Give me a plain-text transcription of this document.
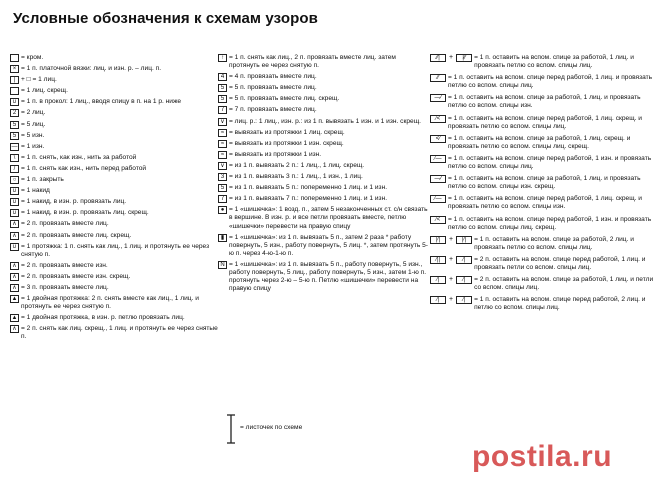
Условные обозначения к схемам узоров
= кром.
× = 1 п. платочной вязки: лиц. и изн. р. – лиц. п.
| + □ = 1 лиц.
⌒ = 1 лиц. скрещ.
∪ = 1 п. в прокол: 1 лиц., вводя спицу в п. на 1 р. ниже
2 = 2 лиц.
5 = 5 лиц.
5 = 5 изн.
— = 1 изн.
\ = 1 п. снять, как изн., нить за работой
/ = 1 п. снять как изн., нить перед работой
○ = 1 п. закрыть
∪ = 1 накид
∪ = 1 накид, в изн. р. провязать лиц.
∪ = 1 накид, в изн. р. провязать лиц. скрещ.
∧ = 2 п. провязать вместе лиц.
∧ = 2 п. провязать вместе лиц. скрещ.
∪ = 1 протяжка: 1 п. снять как лиц., 1 лиц. и протянуть ее через снятую п.
∧ = 2 п. провязать вместе изн.
∧ = 2 п. провязать вместе изн. скрещ.
∧ = 3 п. провязать вместе лиц.
▲ = 1 двойная протяжка: 2 п. снять вместе как лиц., 1 лиц. и протянуть ее через снятую п.
▲ = 1 двойная протяжка, в изн. р. петлю провязать лиц.
∧ = 2 п. снять как лиц. скрещ., 1 лиц. и протянуть ее через снятые п.
↑ = 1 п. снять как лиц., 2 п. провязать вместе лиц. затем протянуть ее через снятую п.
4 = 4 п. провязать вместе лиц.
5 = 5 п. провязать вместе лиц.
5 = 5 п. провязать вместе лиц. скрещ.
7 = 7 п. провязать вместе лиц.
∨ = лиц. р.: 1 лиц., изн. р.: из 1 п. вывязать 1 изн. и 1 изн. скрещ.
≈ = вывязать из протяжки 1 лиц. скрещ.
≈ = вывязать из протяжки 1 изн. скрещ.
≈ = вывязать из протяжки 1 изн.
∨ = из 1 п. вывязать 2 п.: 1 лиц., 1 лиц. скрещ.
3 = из 1 п. вывязать 3 п.: 1 лиц., 1 изн., 1 лиц.
5 = из 1 п. вывязать 5 п.: попеременно 1 лиц. и 1 изн.
7 = из 1 п. вывязать 7 п.: попеременно 1 лиц. и 1 изн.
● = 1 «шишечка»: 1 возд. п., затем 5 незаконченных ст. с/н связать в вершине. В изн. р. и все петли провязать вместе, петлю «шишечки» перевести на правую спицу
▮ = 1 «шишечка»: из 1 п. вывязать 5 п., затем 2 раза * работу повернуть, 5 изн., работу повернуть, 5 лиц. *, затем протянуть 5-ю п. через 4-ю-1-ю п.
N = 1 «шишечка»: из 1 п. вывязать 5 п., работу повернуть, 5 изн., работу повернуть, 5 лиц., работу повернуть, 5 изн., затем 1-ю п. протянуть через 2-ю – 5-ю п. Петлю «шишечки» перевести на правую спицу
⁄⁄|	+	|⁄⁄	= 1 п. оставить на вспом. спице за работой, 1 лиц. и провязать петлю со вспом. спицы лиц.
⁄⁄	= 1 п. оставить на вспом. спице перед работой, 1 лиц. и провязать петлю со вспом. спицы лиц.
—⁄ = 1 п. оставить на вспом. спице за работой, 1 лиц. и провязать петлю со вспом. спицы изн.
⁄<	= 1 п. оставить на вспом. спице перед работой, 1 лиц. скрещ. и провязать петлю со вспом. спицы лиц.
<⁄	= 1 п. оставить на вспом. спице за работой, 1 лиц. скрещ. и провязать петлю со вспом. спицы лиц. скрещ.
⁄— = 1 п. оставить на вспом. спице перед работой, 1 изн. и провязать петлю со вспом. спицы лиц.
—⁄ = 1 п. оставить на вспом. спице за работой, 1 лиц. и провязать петлю со вспом. спицы изн. скрещ.
⁄— = 1 п. оставить на вспом. спице перед работой, 1 лиц. скрещ. и провязать петлю со вспом. спицы изн.
⁄<	= 1 п. оставить на вспом. спице перед работой, 1 изн. и провязать петлю со вспом. спицы лиц. скрещ.
|⁄|	+	|⁄|	= 1 п. оставить на вспом. спице за работой, 2 лиц. и провязать петлю со вспом. спицы лиц.
⁄||	+	⁄|	= 2 п. оставить на вспом. спице перед работой, 1 лиц. и провязать петли со вспом. спицы лиц.
⁄|	+	⁄|	= 2 п. оставить на вспом. спице за работой, 1 лиц. и петли со вспом. спицы лиц.
⁄|	+	⁄|	= 1 п. оставить на вспом. спице перед работой, 2 лиц. и петлю со вспом. спицы лиц.
= листочек по схеме
postila.ru
